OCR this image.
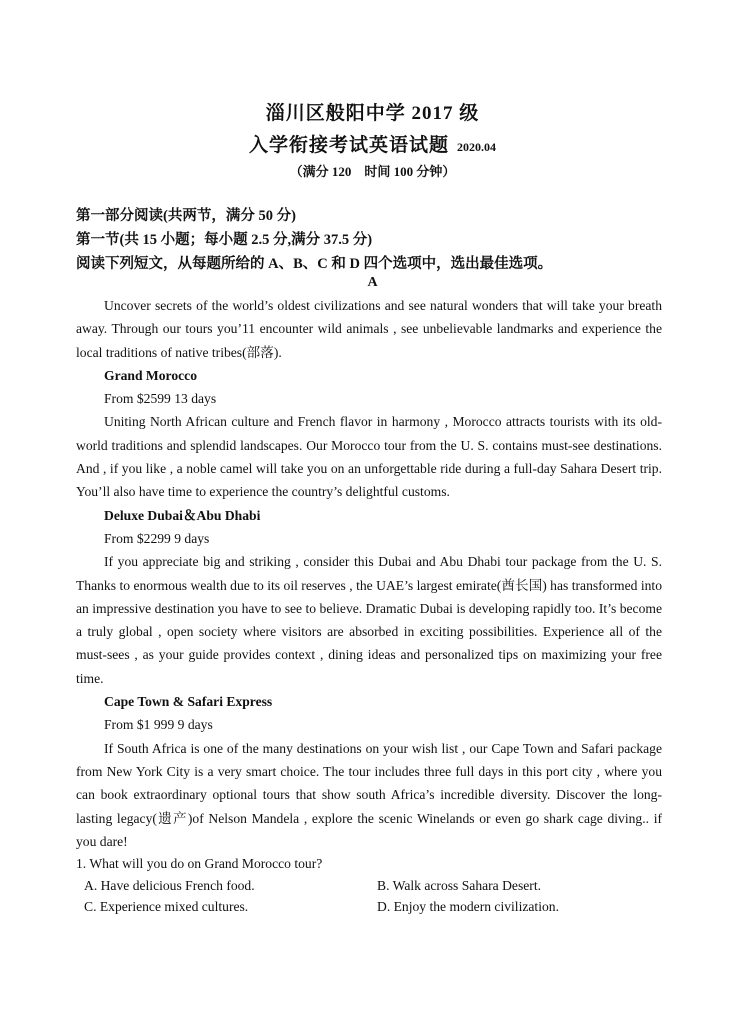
淄川区般阳中学 2017 级
入学衔接考试英语试题 2020.04
（满分 120　时间 100 分钟）
第一部分阅读(共两节，满分 50 分)
第一节(共 15 小题；每小题 2.5 分,满分 37.5 分)
阅读下列短文，从每题所给的 A、B、C 和 D 四个选项中，选出最佳选项。
A

Uncover secrets of the world’s oldest civilizations and see natural wonders that will take your breath away. Through our tours you’11 encounter wild animals , see unbelievable landmarks and experience the local traditions of native tribes(部落).

Grand Morocco

From $2599 13 days

Uniting North African culture and French flavor in harmony , Morocco attracts tourists with its old-world traditions and splendid landscapes. Our Morocco tour from the U. S. contains must-see destinations. And , if you like , a noble camel will take you on an unforgettable ride during a full-day Sahara Desert trip. You’ll also have time to experience the country’s delightful customs.

Deluxe Dubai＆Abu Dhabi

From $2299 9 days

If you appreciate big and striking , consider this Dubai and Abu Dhabi tour package from the U. S. Thanks to enormous wealth due to its oil reserves , the UAE’s largest emirate(酋长国) has transformed into an impressive destination you have to see to believe. Dramatic Dubai is developing rapidly too. It’s become a truly global , open society where visitors are absorbed in exciting possibilities. Experience all of the must-sees , as your guide provides context , dining ideas and personalized tips on maximizing your free time.

Cape Town & Safari Express

From $1 999 9 days

If South Africa is one of the many destinations on your wish list , our Cape Town and Safari package from New York City is a very smart choice. The tour includes three full days in this port city , where you can book extraordinary optional tours that show south Africa’s incredible diversity. Discover the long-lasting legacy(遗产)of Nelson Mandela , explore the scenic Winelands or even go shark cage diving.. if you dare!

1. What will you do on Grand Morocco tour?

A. Have delicious French food.	B. Walk across Sahara Desert.
C. Experience mixed cultures.	D. Enjoy the modern civilization.
